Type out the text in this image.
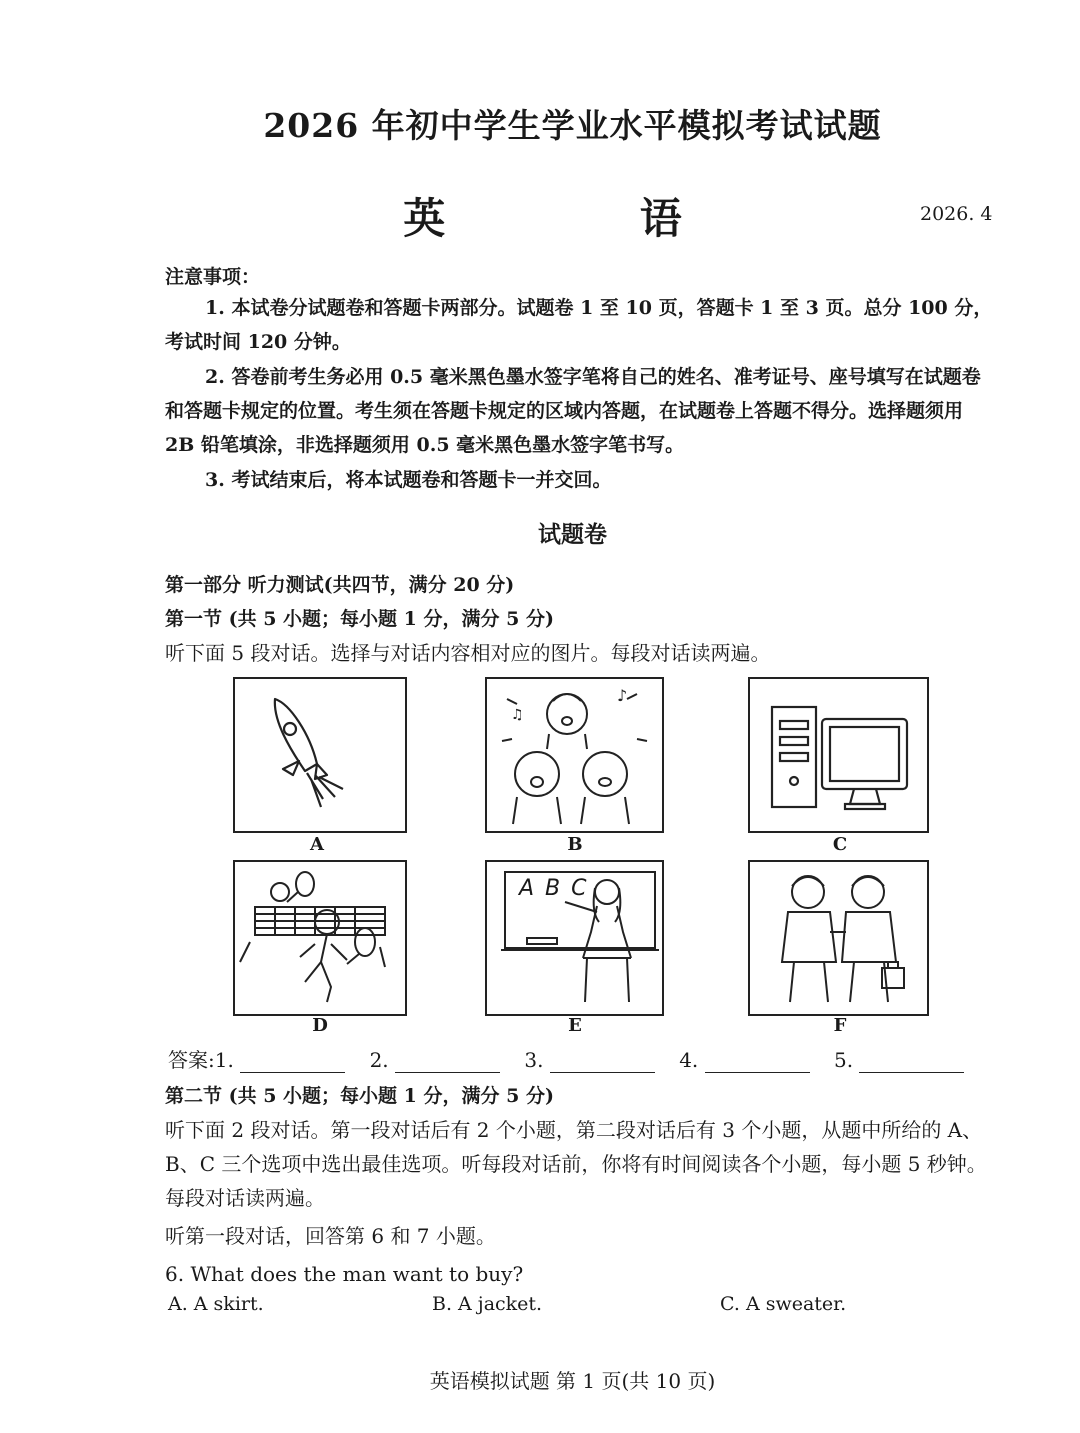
2026 年初中学生学业水平模拟考试试题
英 语	2026. 4
注意事项：
1. 本试卷分试题卷和答题卡两部分。试题卷 1 至 10 页，答题卡 1 至 3 页。总分 100 分，考试时间 120 分钟。
2. 答卷前考生务必用 0.5 毫米黑色墨水签字笔将自己的姓名、准考证号、座号填写在试题卷和答题卡规定的位置。考生须在答题卡规定的区域内答题，在试题卷上答题不得分。选择题须用 2B 铅笔填涂，非选择题须用 0.5 毫米黑色墨水签字笔书写。
3. 考试结束后，将本试题卷和答题卡一并交回。
试题卷
第一部分 听力测试(共四节，满分 20 分)
第一节 (共 5 小题；每小题 1 分，满分 5 分)
听下面 5 段对话。选择与对话内容相对应的图片。每段对话读两遍。
A
♪
♫
B	C
D
A B C
E	F
答案:1.	2.	3.	4.	5.
第二节 (共 5 小题；每小题 1 分，满分 5 分)
听下面 2 段对话。第一段对话后有 2 个小题，第二段对话后有 3 个小题，从题中所给的 A、B、C 三个选项中选出最佳选项。听每段对话前，你将有时间阅读各个小题，每小题 5 秒钟。每段对话读两遍。
听第一段对话，回答第 6 和 7 小题。
6. What does the man want to buy?
A. A skirt.	B. A jacket.	C. A sweater.
英语模拟试题 第 1 页(共 10 页)
